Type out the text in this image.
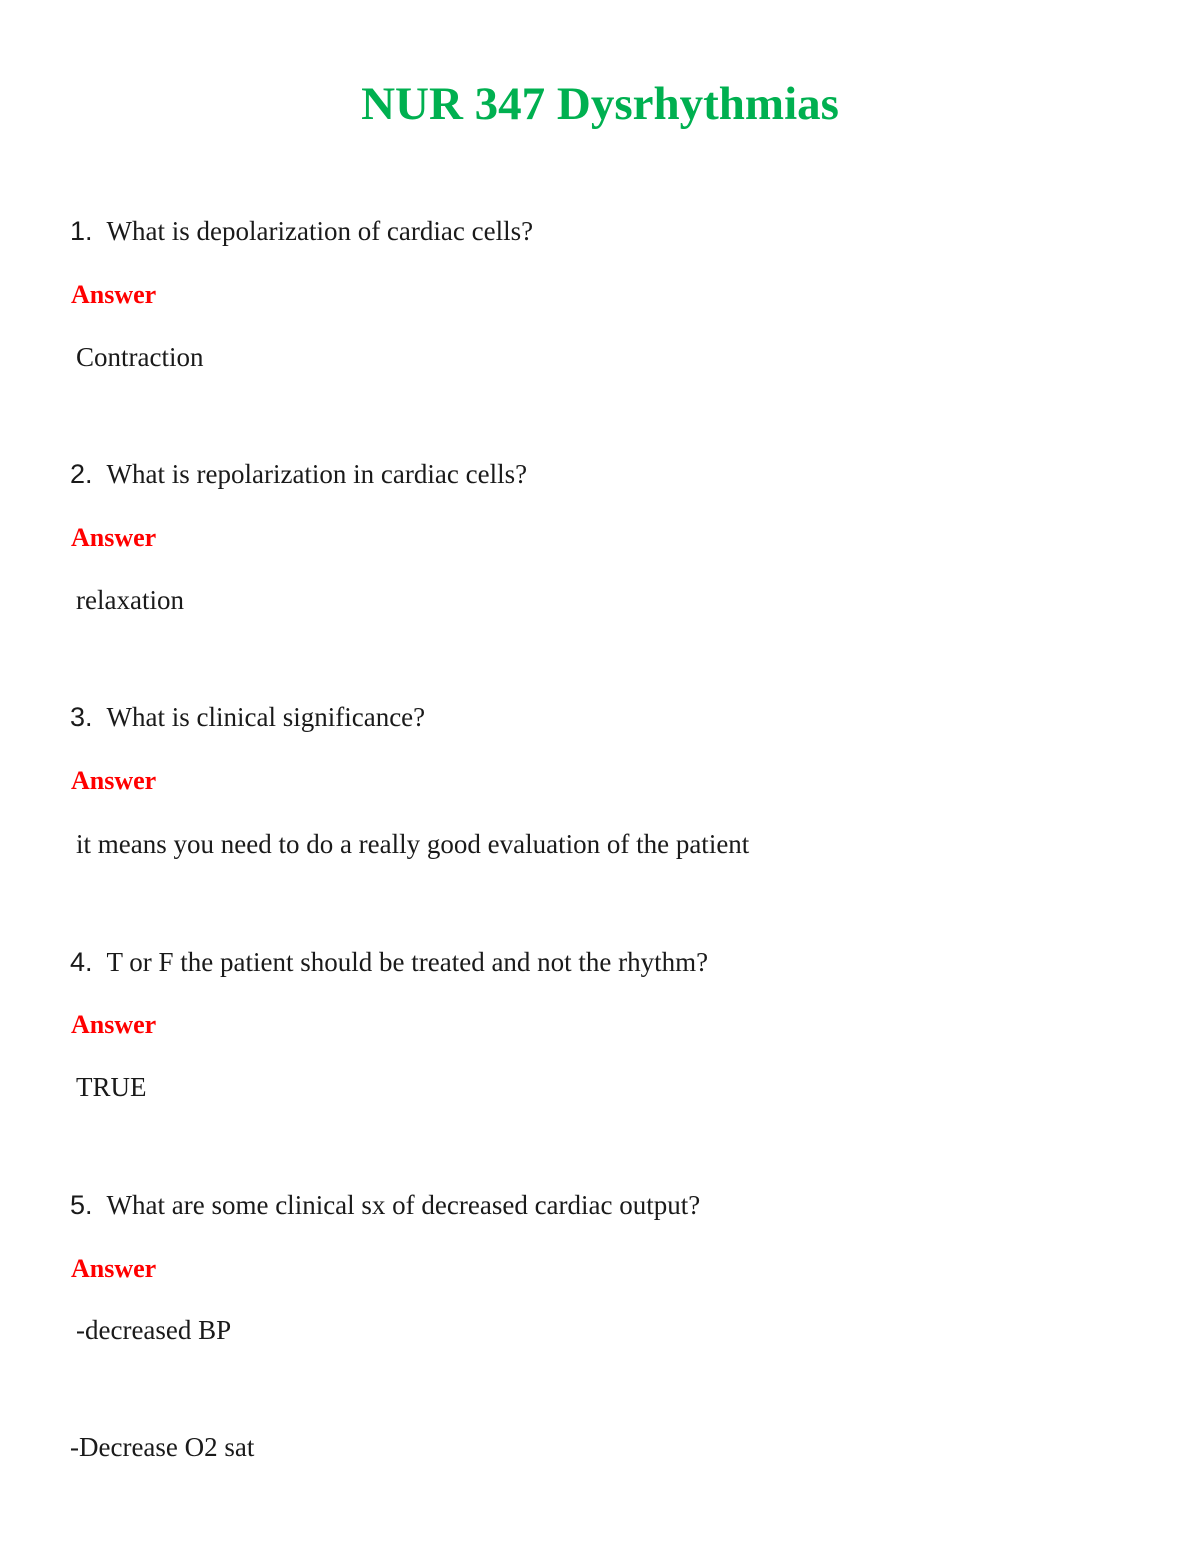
NUR 347 Dysrhythmias
1. What is depolarization of cardiac cells?
Answer
Contraction
2. What is repolarization in cardiac cells?
Answer
relaxation
3. What is clinical significance?
Answer
it means you need to do a really good evaluation of the patient
4. T or F the patient should be treated and not the rhythm?
Answer
TRUE
5. What are some clinical sx of decreased cardiac output?
Answer
-decreased BP
-Decrease O2 sat
